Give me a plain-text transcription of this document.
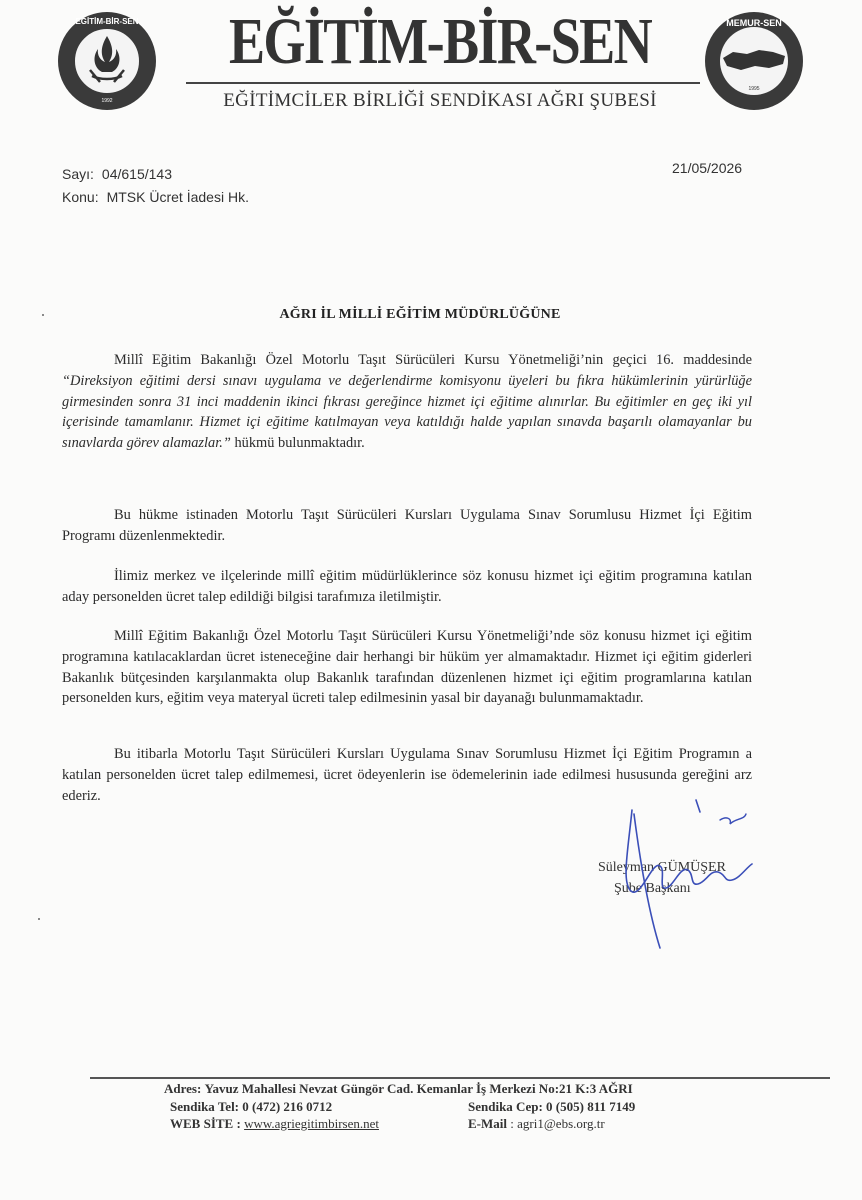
1992
EĞİTİM-BİR-SEN EĞİTİM-BİR-SEN
EĞİTİMCİLER BİRLİĞİ SENDİKASI AĞRI ŞUBESİ
MEMUR-SEN
1995
Sayı: 04/615/143
Konu: MTSK Ücret İadesi Hk.
21/05/2026
AĞRI İL MİLLİ EĞİTİM MÜDÜRLÜĞÜNE
Millî Eğitim Bakanlığı Özel Motorlu Taşıt Sürücüleri Kursu Yönetmeliği’nin geçici 16. maddesinde “Direksiyon eğitimi dersi sınavı uygulama ve değerlendirme komisyonu üyeleri bu fıkra hükümlerinin yürürlüğe girmesinden sonra 31 inci maddenin ikinci fıkrası gereğince hizmet içi eğitime alınırlar. Bu eğitimler en geç iki yıl içerisinde tamamlanır. Hizmet içi eğitime katılmayan veya katıldığı halde yapılan sınavda başarılı olamayanlar bu sınavlarda görev alamazlar.” hükmü bulunmaktadır.
Bu hükme istinaden Motorlu Taşıt Sürücüleri Kursları Uygulama Sınav Sorumlusu Hizmet İçi Eğitim Programı düzenlenmektedir.
İlimiz merkez ve ilçelerinde millî eğitim müdürlüklerince söz konusu hizmet içi eğitim programına katılan aday personelden ücret talep edildiği bilgisi tarafımıza iletilmiştir.
Millî Eğitim Bakanlığı Özel Motorlu Taşıt Sürücüleri Kursu Yönetmeliği’nde söz konusu hizmet içi eğitim programına katılacaklardan ücret isteneceğine dair herhangi bir hüküm yer almamaktadır. Hizmet içi eğitim giderleri Bakanlık bütçesinden karşılanmakta olup Bakanlık tarafından düzenlenen hizmet içi eğitim programlarına katılan personelden kurs, eğitim veya materyal ücreti talep edilmesinin yasal bir dayanağı bulunmamaktadır.
Bu itibarla Motorlu Taşıt Sürücüleri Kursları Uygulama Sınav Sorumlusu Hizmet İçi Eğitim Programın a katılan personelden ücret talep edilmemesi, ücret ödeyenlerin ise ödemelerinin iade edilmesi hususunda gereğini arz ederiz.
Süleyman GÜMÜŞER
Şube Başkanı
Adres: Yavuz Mahallesi Nevzat Güngör Cad. Kemanlar İş Merkezi No:21 K:3 AĞRI
Sendika Tel: 0 (472) 216 0712	Sendika Cep: 0 (505) 811 7149
WEB SİTE : www.agriegitimbirsen.net	E-Mail : agri1@ebs.org.tr
